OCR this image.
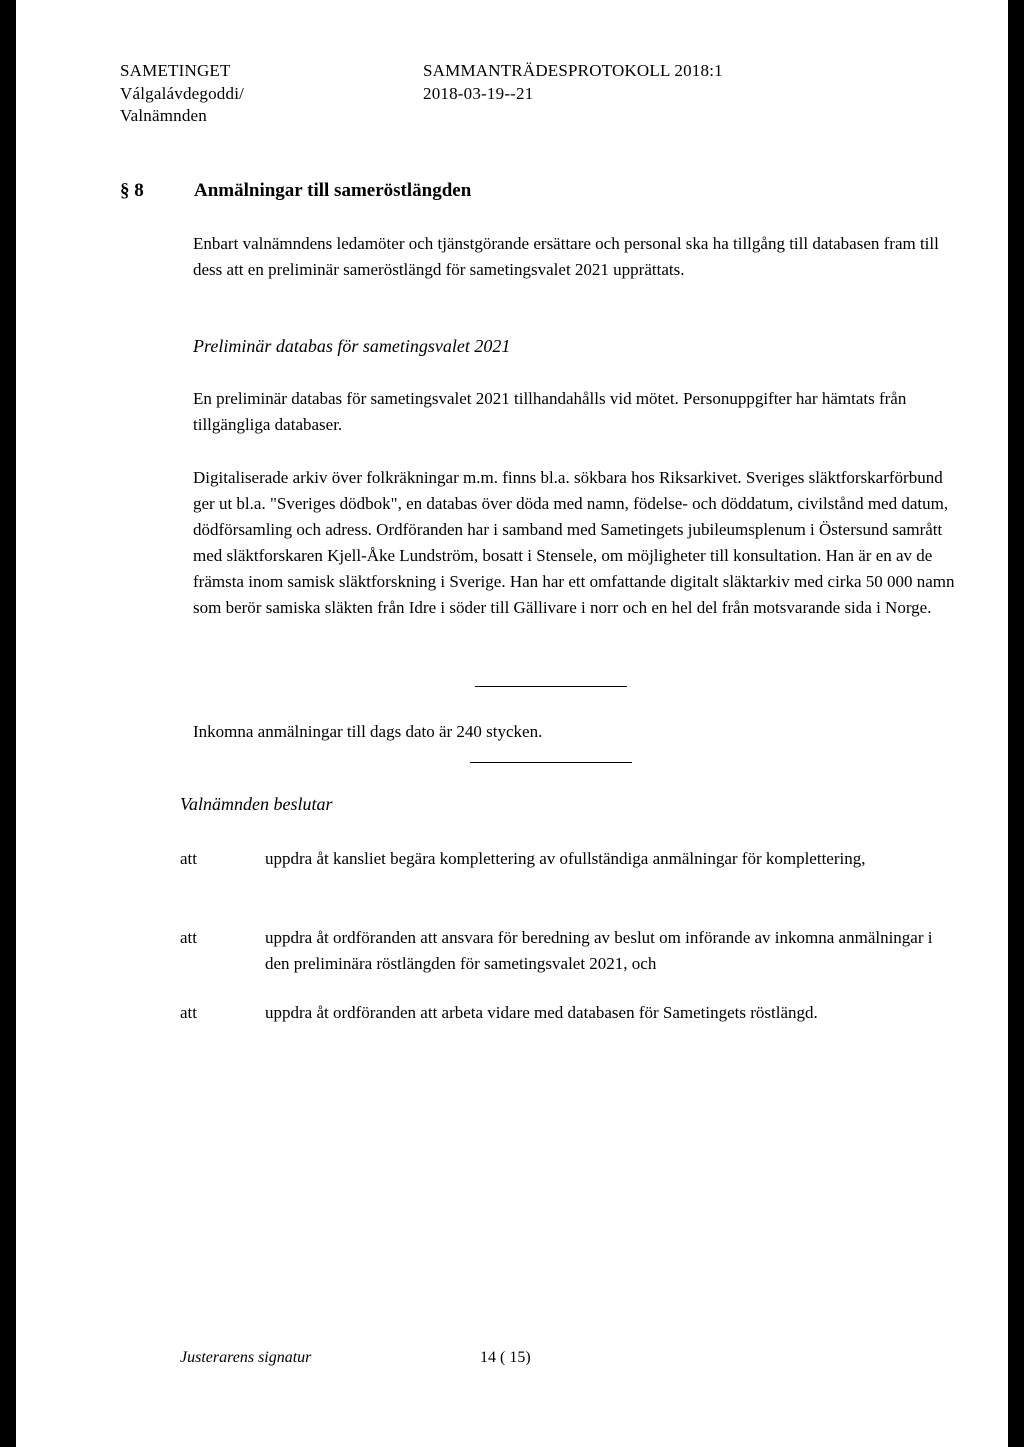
SAMETINGET
Válgalávdegoddi/
Valnämnden
SAMMANTRÄDESPROTOKOLL 2018:1
2018-03-19--21
§ 8	Anmälningar till sameröstlängden
Enbart valnämndens ledamöter och tjänstgörande ersättare och personal ska ha tillgång till databasen fram till dess att en preliminär sameröstlängd för sametingsvalet 2021 upprättats.
Preliminär databas för sametingsvalet 2021
En preliminär databas för sametingsvalet 2021 tillhandahålls vid mötet. Personuppgifter har hämtats från tillgängliga databaser.
Digitaliserade arkiv över folkräkningar m.m. finns bl.a. sökbara hos Riksarkivet. Sveriges släktforskarförbund ger ut bl.a. "Sveriges dödbok", en databas över döda med namn, födelse- och döddatum, civilstånd med datum, dödförsamling och adress. Ordföranden har i samband med Sametingets jubileumsplenum i Östersund samrått med släktforskaren Kjell-Åke Lundström, bosatt i Stensele, om möjligheter till konsultation. Han är en av de främsta inom samisk släktforskning i Sverige. Han har ett omfattande digitalt släktarkiv med cirka 50 000 namn som berör samiska släkten från Idre i söder till Gällivare i norr och en hel del från motsvarande sida i Norge.
Inkomna anmälningar till dags dato är 240 stycken.
Valnämnden beslutar
att	uppdra åt kansliet begära komplettering av ofullständiga anmälningar för komplettering,
att	uppdra åt ordföranden att ansvara för beredning av beslut om införande av inkomna anmälningar i den preliminära röstlängden för sametingsvalet 2021, och
att	uppdra åt ordföranden att arbeta vidare med databasen för Sametingets röstlängd.
Justerarens signatur	14 ( 15)
